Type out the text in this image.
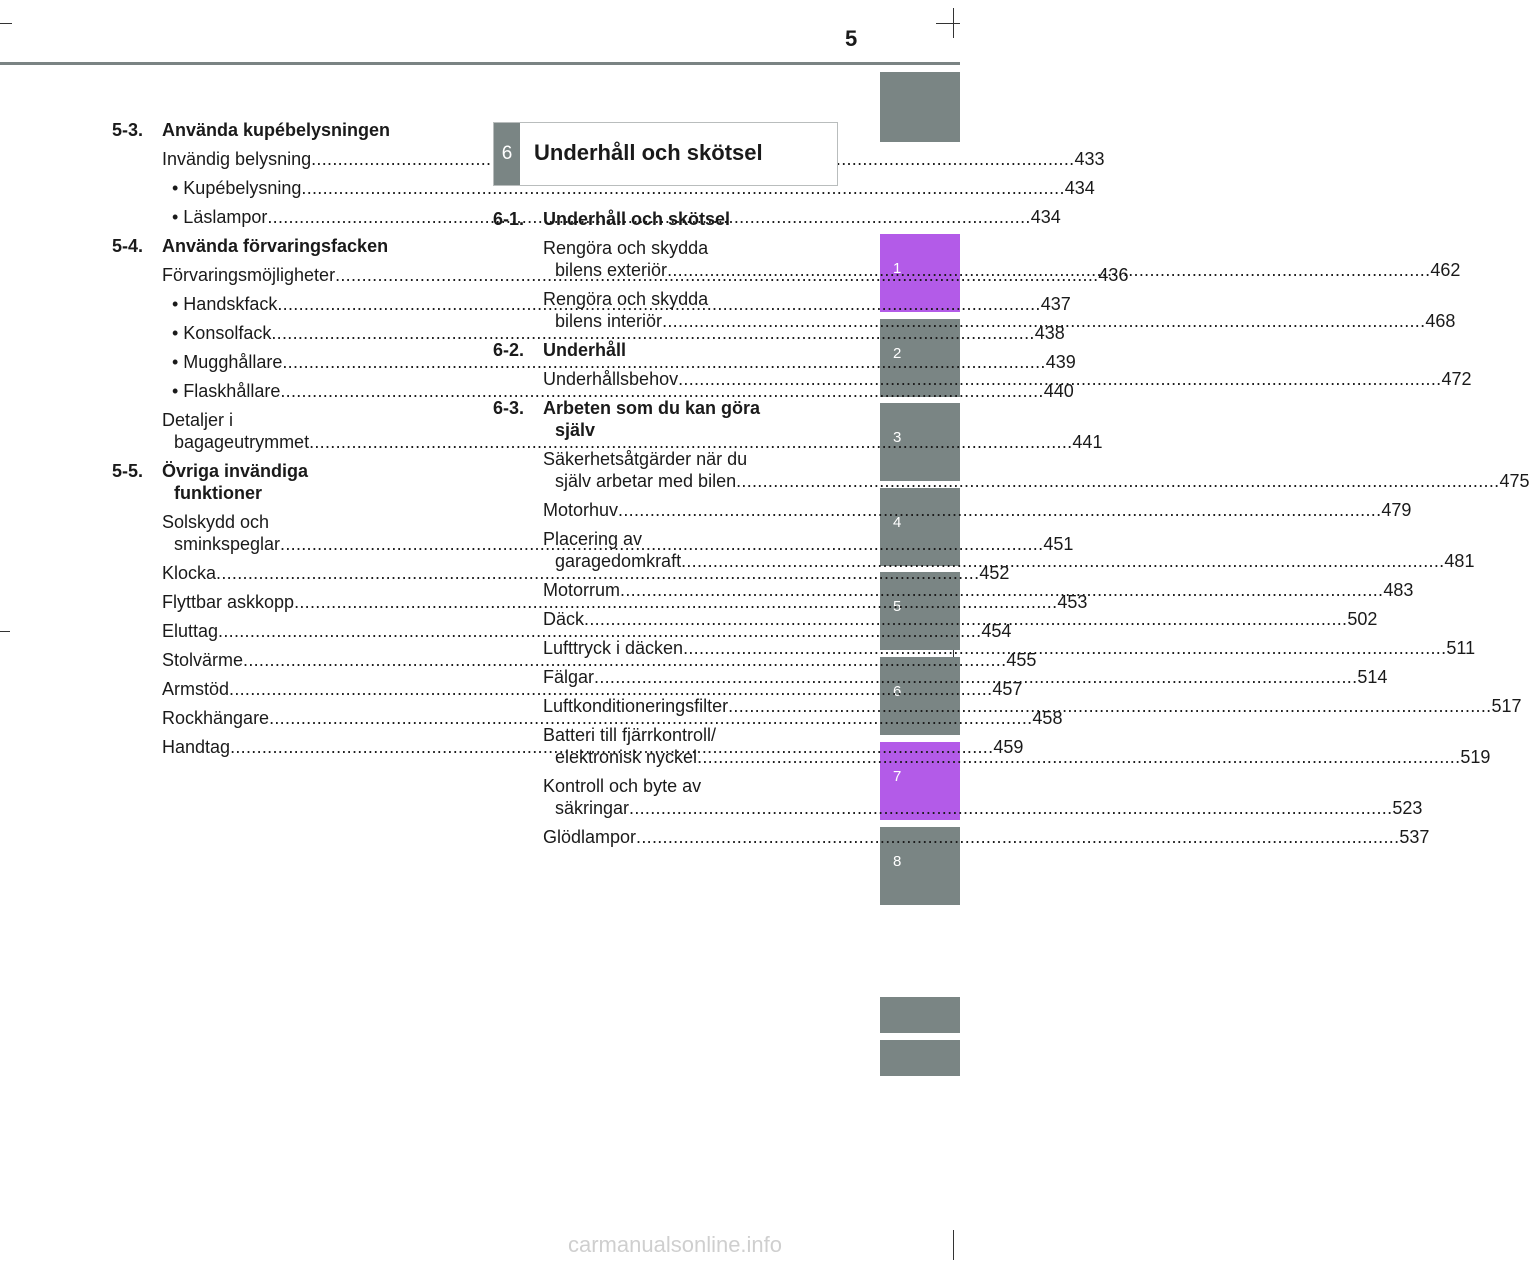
5
1
2
3
4
5
6
7
8
5-3.	Använda kupébelysningen
Invändig belysning .....	433
• Kupébelysning .....	434
• Läslampor .....	434
5-4.	Använda förvaringsfacken
Förvaringsmöjligheter .....	436
• Handskfack .....	437
• Konsolfack .....	438
• Mugghållare .....	439
• Flaskhållare .....	440
Detaljer i
bagageutrymmet .....	441
5-5.	Övriga invändiga
funktioner
Solskydd och
sminkspeglar .....	451
Klocka .....	452
Flyttbar askkopp .....	453
Eluttag .....	454
Stolvärme .....	455
Armstöd .....	457
Rockhängare .....	458
Handtag .....	459
6 Underhåll och skötsel
6-1.	Underhåll och skötsel
Rengöra och skydda
bilens exteriör .....	462
Rengöra och skydda
bilens interiör .....	468
6-2.	Underhåll
Underhållsbehov .....	472
6-3.	Arbeten som du kan göra
själv
Säkerhetsåtgärder när du
själv arbetar med bilen .....	475
Motorhuv .....	479
Placering av
garagedomkraft .....	481
Motorrum .....	483
Däck .....	502
Lufttryck i däcken .....	511
Fälgar .....	514
Luftkonditioneringsfilter .....	517
Batteri till fjärrkontroll/
elektronisk nyckel .....	519
Kontroll och byte av
säkringar .....	523
Glödlampor .....	537
carmanualsonline.info
